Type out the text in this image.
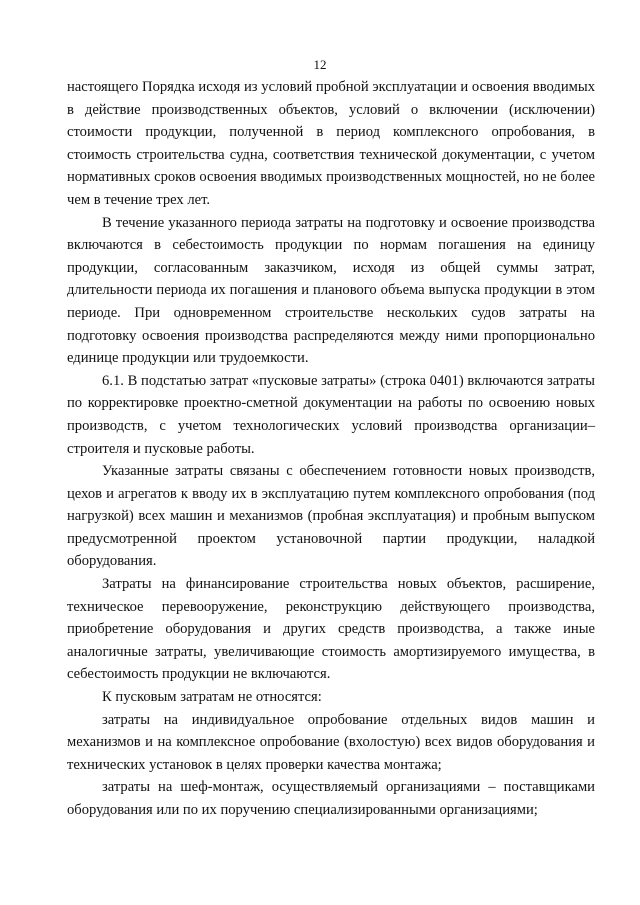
12

настоящего Порядка исходя из условий пробной эксплуатации и освоения вводимых в действие производственных объектов, условий о включении (исключении) стоимости продукции, полученной в период комплексного опробования, в стоимость строительства судна, соответствия технической документации, с учетом нормативных сроков освоения вводимых производственных мощностей, но не более чем в течение трех лет.

В течение указанного периода затраты на подготовку и освоение производства включаются в себестоимость продукции по нормам погашения на единицу продукции, согласованным заказчиком, исходя из общей суммы затрат, длительности периода их погашения и планового объема выпуска продукции в этом периоде. При одновременном строительстве нескольких судов затраты на подготовку освоения производства распределяются между ними пропорционально единице продукции или трудоемкости.

6.1. В подстатью затрат «пусковые затраты» (строка 0401) включаются затраты по корректировке проектно-сметной документации на работы по освоению новых производств, с учетом технологических условий производства организации–строителя и пусковые работы.

Указанные затраты связаны с обеспечением готовности новых производств, цехов и агрегатов к вводу их в эксплуатацию путем комплексного опробования (под нагрузкой) всех машин и механизмов (пробная эксплуатация) и пробным выпуском предусмотренной проектом установочной партии продукции, наладкой оборудования.

Затраты на финансирование строительства новых объектов, расширение, техническое перевооружение, реконструкцию действующего производства, приобретение оборудования и других средств производства, а также иные аналогичные затраты, увеличивающие стоимость амортизируемого имущества, в себестоимость продукции не включаются.

К пусковым затратам не относятся:

затраты на индивидуальное опробование отдельных видов машин и механизмов и на комплексное опробование (вхолостую) всех видов оборудования и технических установок в целях проверки качества монтажа;

затраты на шеф-монтаж, осуществляемый организациями – поставщиками оборудования или по их поручению специализированными организациями;
